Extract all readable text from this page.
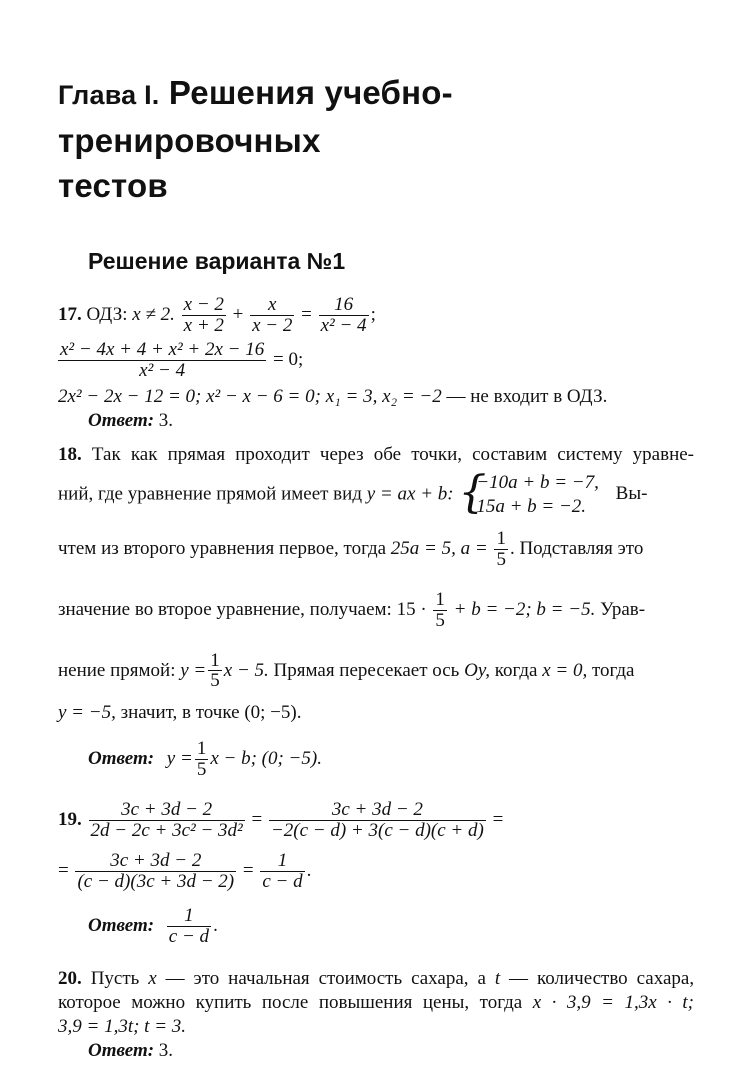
Глава I. Решения учебно-тренировочных
тестов
Решение варианта №1
17. ОДЗ: x ≠ 2. $\frac{x - 2}{x + 2} + \frac{x}{x - 2} = \frac{16}{\text{x² − 4}}$ ;
$\frac{\text{x² − 4x + 4 + x² + 2x − 16}}{\text{x² − 4}} = 0$;
2x² − 2x − 12 = 0; x² − x − 6 = 0; x₁ = 3, x₂ = −2 — не входит в ОДЗ.
Ответ: 3.
18. Так как прямая проходит через обе точки, составим систему уравне-
ний, где уравнение прямой имеет вид y = ax + b: {
−10a + b = −7,
15a + b = −2.
Вы-
чтем из второго уравнения первое, тогда 25a = 5, $a = \frac{1}{5}$ . Подставляя это
значение во второе уравнение, получаем: $15 \cdot \frac{1}{5} + b = -2$; b = −5. Урав-
нение прямой: $y = \frac{1}{5}$ x − 5. Прямая пересекает ось Oy, когда x = 0, тогда
y = −5, значит, в точке (0; −5).
Ответ: $y = \frac{1}{5}$ x − b; (0; −5).
19. $\frac{3c + 3d - 2}{\text{2d − 2c + 3c² − 3d²}} = \frac{3c + 3d - 2}{-2(c - d) + 3(c - d)(c + d)}$ =
= $\frac{3c + 3d - 2}{(c - d)(3c + 3d - 2)} = \frac{1}{c - d}$ .
Ответ: $\frac{1}{c - d}$ .
20. Пусть x — это начальная стоимость сахара, а t — количество сахара,
которое можно купить после повышения цены, тогда x · 3,9 = 1,3x · t;
3,9 = 1,3t; t = 3.
Ответ: 3.
